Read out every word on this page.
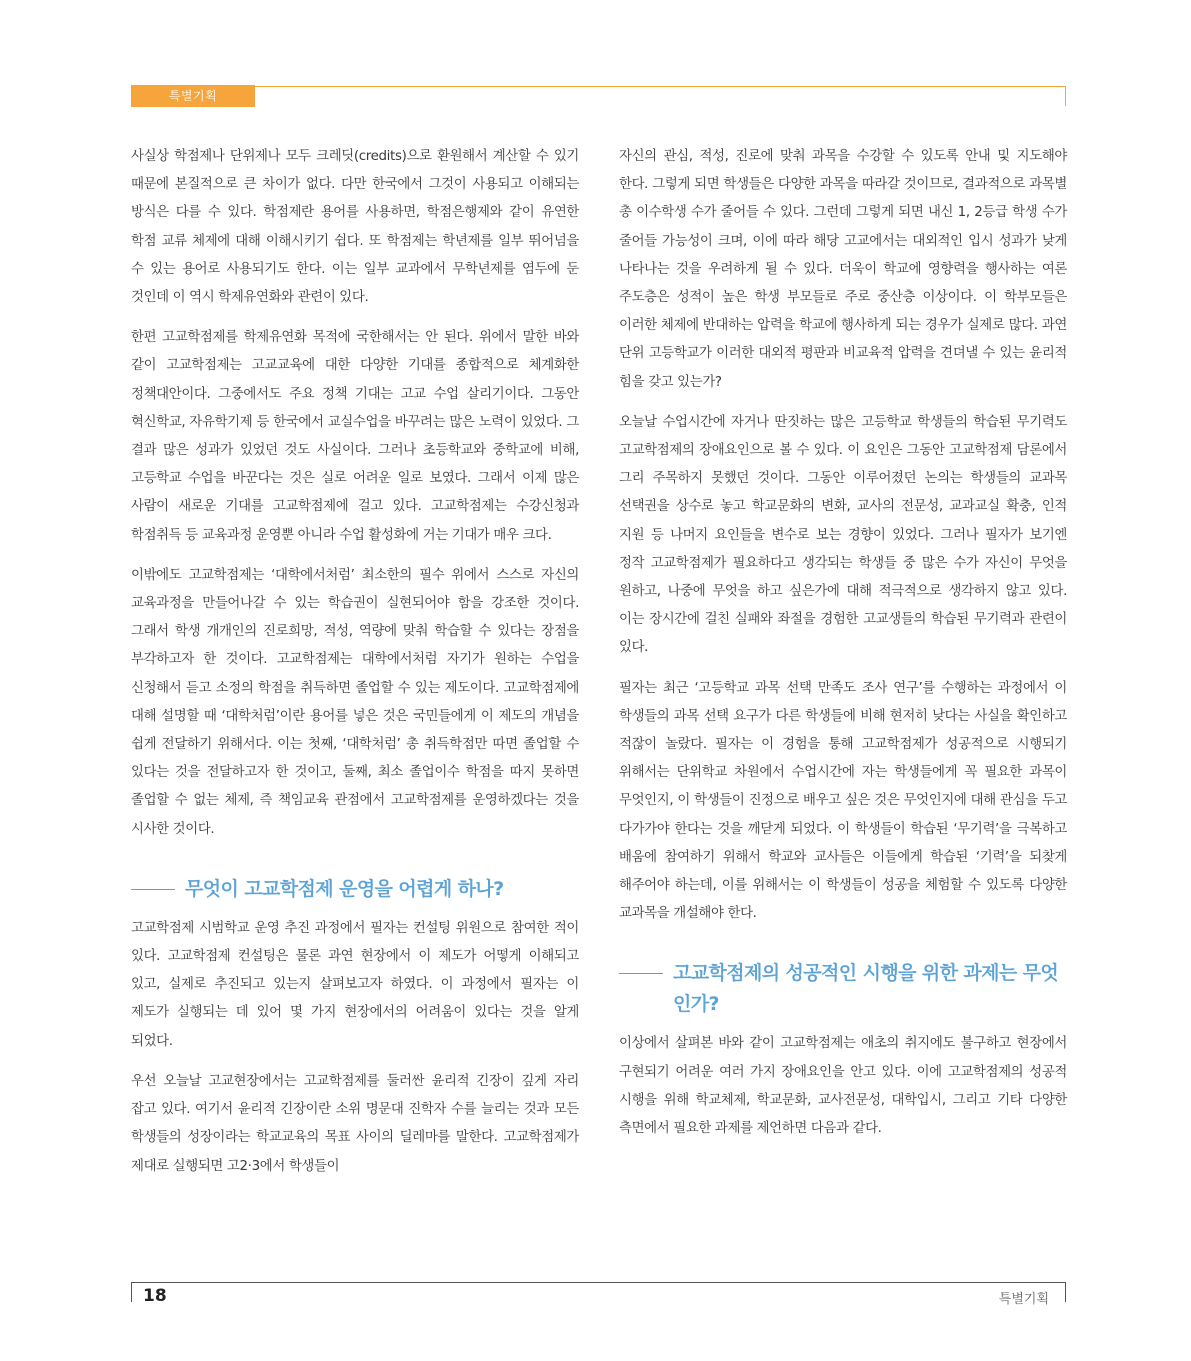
특별기획

사실상 학점제나 단위제나 모두 크레딧(credits)으로 환원해서 계산할 수 있기 때문에 본질적으로 큰 차이가 없다. 다만 한국에서 그것이 사용되고 이해되는 방식은 다를 수 있다. 학점제란 용어를 사용하면, 학점은행제와 같이 유연한 학점 교류 체제에 대해 이해시키기 쉽다. 또 학점제는 학년제를 일부 뛰어넘을 수 있는 용어로 사용되기도 한다. 이는 일부 교과에서 무학년제를 염두에 둔 것인데 이 역시 학제유연화와 관련이 있다.

한편 고교학점제를 학제유연화 목적에 국한해서는 안 된다. 위에서 말한 바와 같이 고교학점제는 고교교육에 대한 다양한 기대를 종합적으로 체계화한 정책대안이다. 그중에서도 주요 정책 기대는 고교 수업 살리기이다. 그동안 혁신학교, 자유학기제 등 한국에서 교실수업을 바꾸려는 많은 노력이 있었다. 그 결과 많은 성과가 있었던 것도 사실이다. 그러나 초등학교와 중학교에 비해, 고등학교 수업을 바꾼다는 것은 실로 어려운 일로 보였다. 그래서 이제 많은 사람이 새로운 기대를 고교학점제에 걸고 있다. 고교학점제는 수강신청과 학점취득 등 교육과정 운영뿐 아니라 수업 활성화에 거는 기대가 매우 크다.

이밖에도 고교학점제는 ‘대학에서처럼’ 최소한의 필수 위에서 스스로 자신의 교육과정을 만들어나갈 수 있는 학습권이 실현되어야 함을 강조한 것이다. 그래서 학생 개개인의 진로희망, 적성, 역량에 맞춰 학습할 수 있다는 장점을 부각하고자 한 것이다. 고교학점제는 대학에서처럼 자기가 원하는 수업을 신청해서 듣고 소정의 학점을 취득하면 졸업할 수 있는 제도이다. 고교학점제에 대해 설명할 때 ‘대학처럼’이란 용어를 넣은 것은 국민들에게 이 제도의 개념을 쉽게 전달하기 위해서다. 이는 첫째, ‘대학처럼’ 총 취득학점만 따면 졸업할 수 있다는 것을 전달하고자 한 것이고, 둘째, 최소 졸업이수 학점을 따지 못하면 졸업할 수 없는 체제, 즉 책임교육 관점에서 고교학점제를 운영하겠다는 것을 시사한 것이다.

무엇이 고교학점제 운영을 어렵게 하나?

고교학점제 시범학교 운영 추진 과정에서 필자는 컨설팅 위원으로 참여한 적이 있다. 고교학점제 컨설팅은 물론 과연 현장에서 이 제도가 어떻게 이해되고 있고, 실제로 추진되고 있는지 살펴보고자 하였다. 이 과정에서 필자는 이 제도가 실행되는 데 있어 몇 가지 현장에서의 어려움이 있다는 것을 알게 되었다.

우선 오늘날 고교현장에서는 고교학점제를 둘러싼 윤리적 긴장이 깊게 자리 잡고 있다. 여기서 윤리적 긴장이란 소위 명문대 진학자 수를 늘리는 것과 모든 학생들의 성장이라는 학교교육의 목표 사이의 딜레마를 말한다. 고교학점제가 제대로 실행되면 고2·3에서 학생들이

자신의 관심, 적성, 진로에 맞춰 과목을 수강할 수 있도록 안내 및 지도해야 한다. 그렇게 되면 학생들은 다양한 과목을 따라갈 것이므로, 결과적으로 과목별 총 이수학생 수가 줄어들 수 있다. 그런데 그렇게 되면 내신 1, 2등급 학생 수가 줄어들 가능성이 크며, 이에 따라 해당 고교에서는 대외적인 입시 성과가 낮게 나타나는 것을 우려하게 될 수 있다. 더욱이 학교에 영향력을 행사하는 여론 주도층은 성적이 높은 학생 부모들로 주로 중산층 이상이다. 이 학부모들은 이러한 체제에 반대하는 압력을 학교에 행사하게 되는 경우가 실제로 많다. 과연 단위 고등학교가 이러한 대외적 평판과 비교육적 압력을 견뎌낼 수 있는 윤리적 힘을 갖고 있는가?

오늘날 수업시간에 자거나 딴짓하는 많은 고등학교 학생들의 학습된 무기력도 고교학점제의 장애요인으로 볼 수 있다. 이 요인은 그동안 고교학점제 담론에서 그리 주목하지 못했던 것이다. 그동안 이루어졌던 논의는 학생들의 교과목 선택권을 상수로 놓고 학교문화의 변화, 교사의 전문성, 교과교실 확충, 인적 지원 등 나머지 요인들을 변수로 보는 경향이 있었다. 그러나 필자가 보기엔 정작 고교학점제가 필요하다고 생각되는 학생들 중 많은 수가 자신이 무엇을 원하고, 나중에 무엇을 하고 싶은가에 대해 적극적으로 생각하지 않고 있다. 이는 장시간에 걸친 실패와 좌절을 경험한 고교생들의 학습된 무기력과 관련이 있다.

필자는 최근 ‘고등학교 과목 선택 만족도 조사 연구’를 수행하는 과정에서 이 학생들의 과목 선택 요구가 다른 학생들에 비해 현저히 낮다는 사실을 확인하고 적잖이 놀랐다. 필자는 이 경험을 통해 고교학점제가 성공적으로 시행되기 위해서는 단위학교 차원에서 수업시간에 자는 학생들에게 꼭 필요한 과목이 무엇인지, 이 학생들이 진정으로 배우고 싶은 것은 무엇인지에 대해 관심을 두고 다가가야 한다는 것을 깨닫게 되었다. 이 학생들이 학습된 ‘무기력’을 극복하고 배움에 참여하기 위해서 학교와 교사들은 이들에게 학습된 ‘기력’을 되찾게 해주어야 하는데, 이를 위해서는 이 학생들이 성공을 체험할 수 있도록 다양한 교과목을 개설해야 한다.

고교학점제의 성공적인 시행을 위한 과제는 무엇인가?

이상에서 살펴본 바와 같이 고교학점제는 애초의 취지에도 불구하고 현장에서 구현되기 어려운 여러 가지 장애요인을 안고 있다. 이에 고교학점제의 성공적 시행을 위해 학교체제, 학교문화, 교사전문성, 대학입시, 그리고 기타 다양한 측면에서 필요한 과제를 제언하면 다음과 같다.

18	특별기획
